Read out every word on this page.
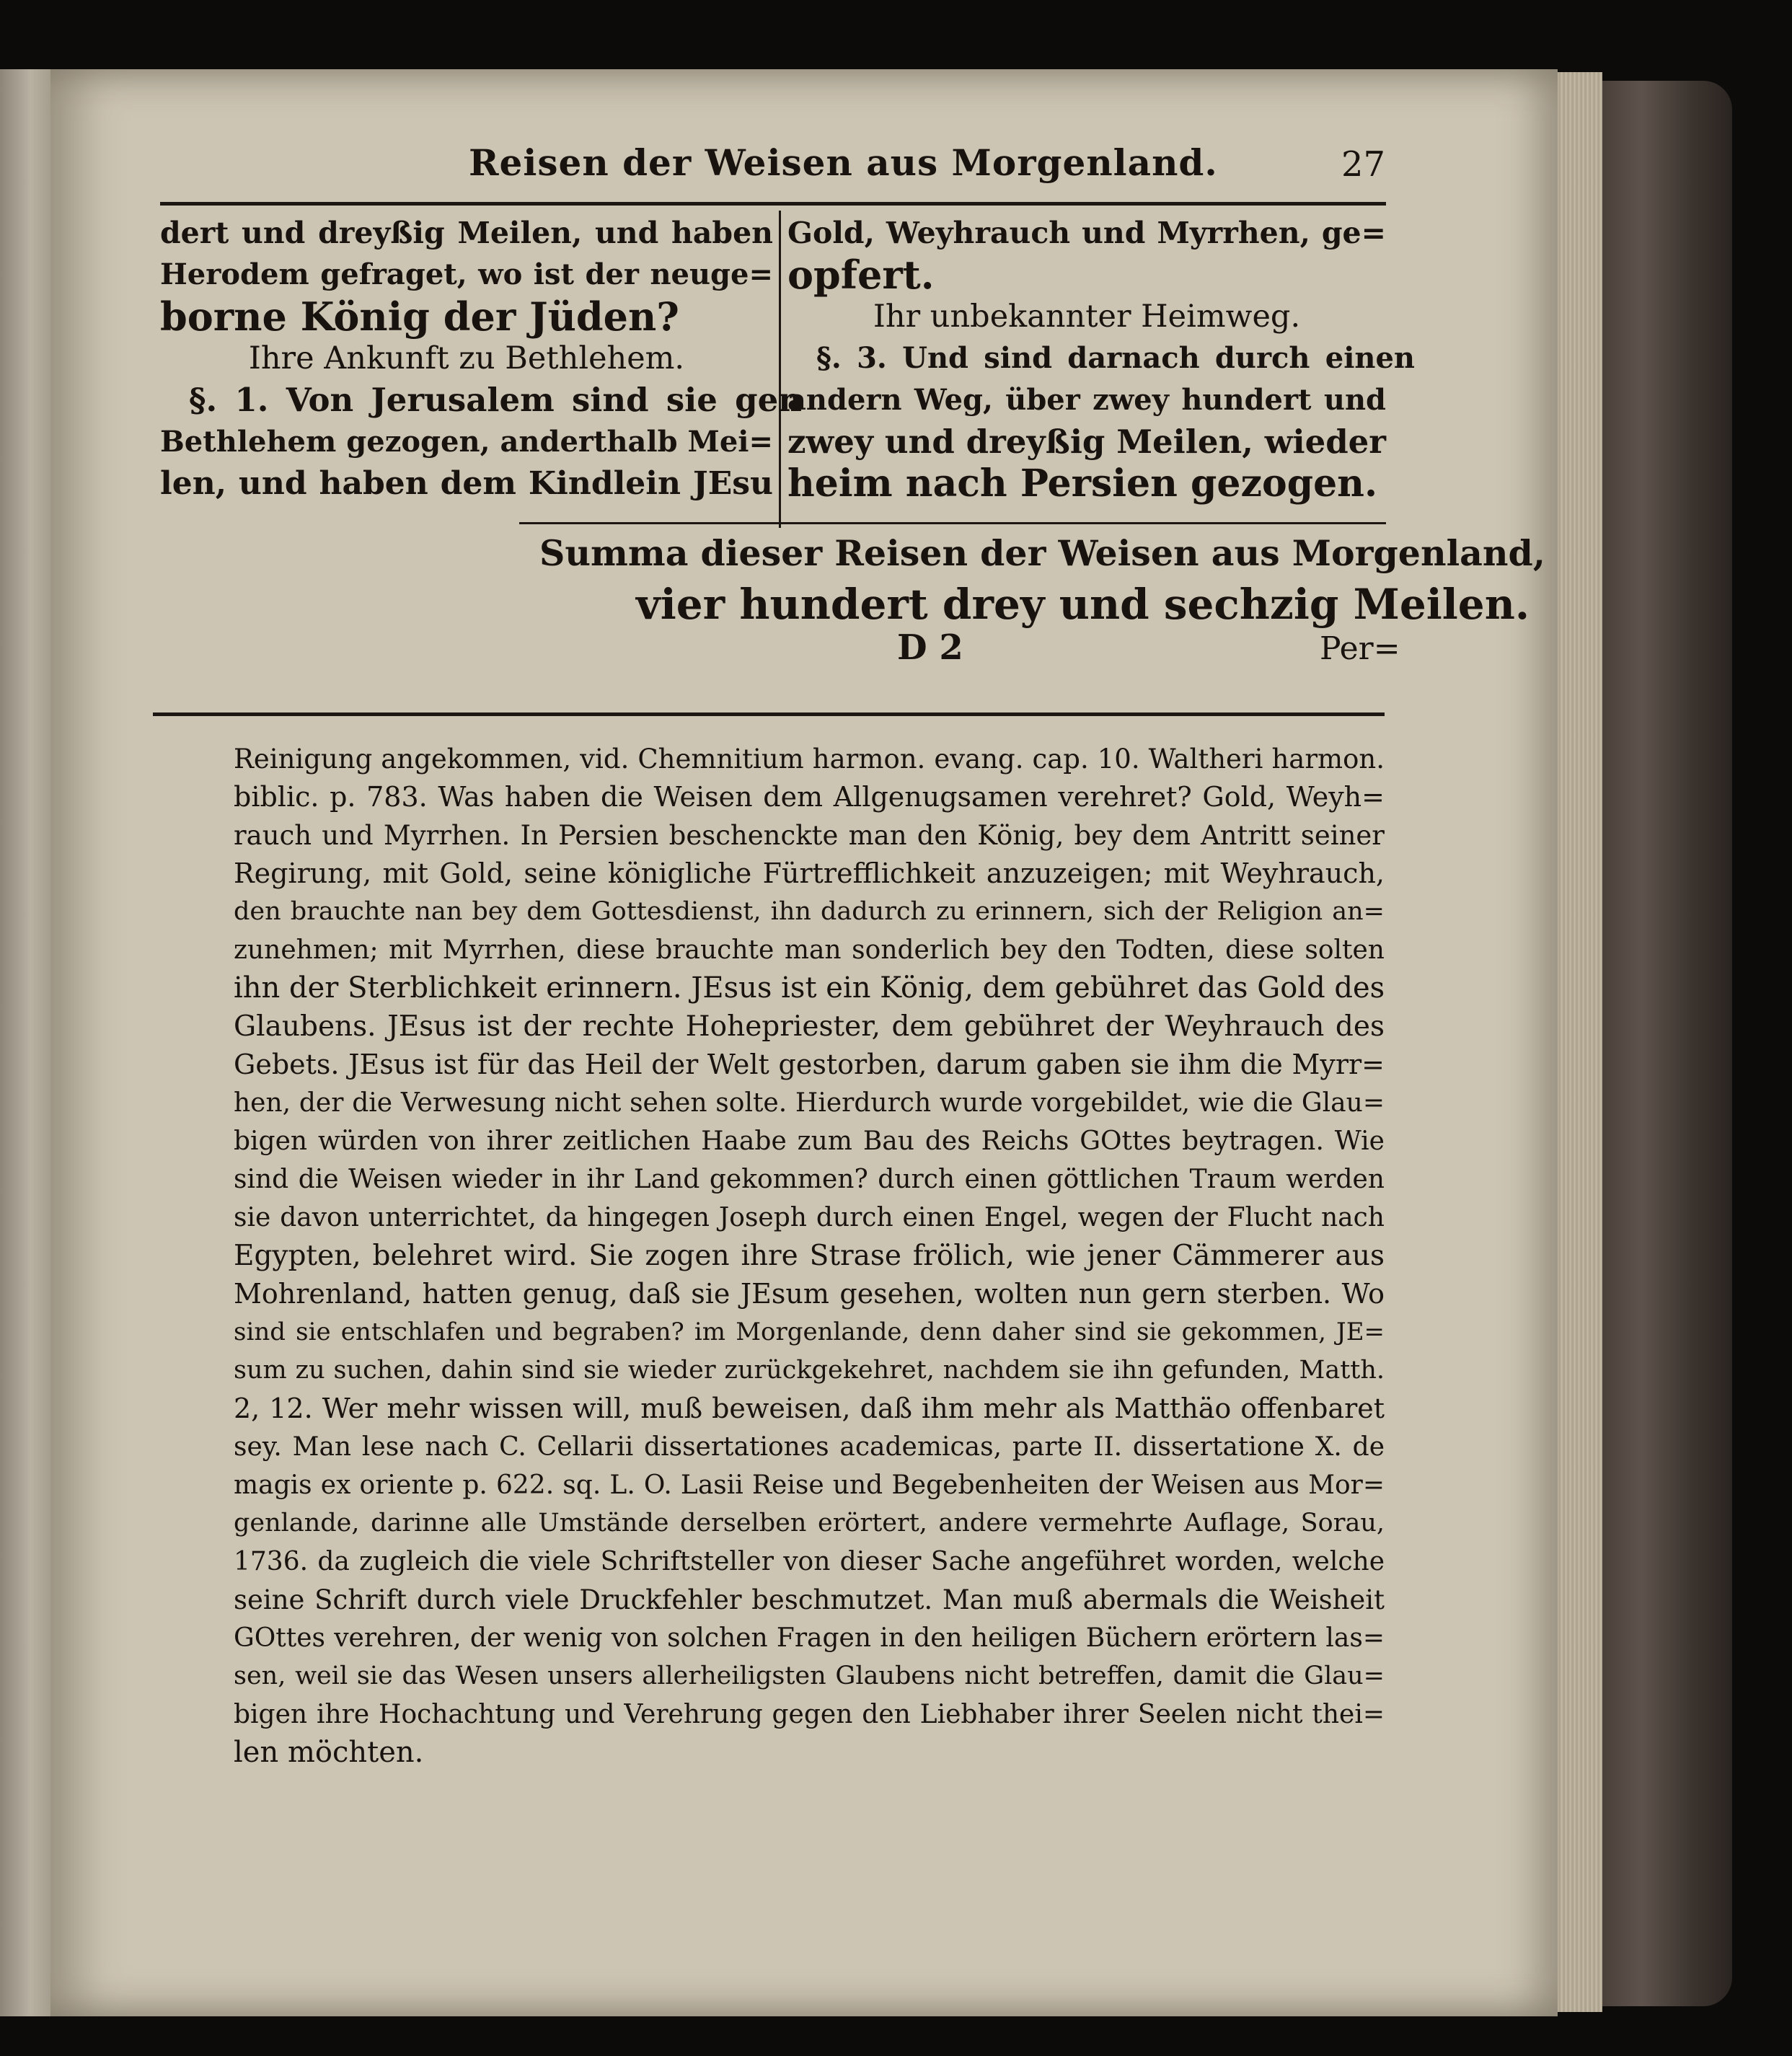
Reisen der Weisen aus Morgenland.	27
dert und dreyßig Meilen, und haben
Herodem gefraget, wo ist der neuge=
borne König der Jüden?
Ihre Ankunft zu Bethlehem.
§. 1. Von Jerusalem sind sie gen
Bethlehem gezogen, anderthalb Mei=
len, und haben dem Kindlein JEsu
Gold, Weyhrauch und Myrrhen, ge=
opfert.
Ihr unbekannter Heimweg.
§. 3. Und sind darnach durch einen
andern Weg, über zwey hundert und
zwey und dreyßig Meilen, wieder
heim nach Persien gezogen.
Summa dieser Reisen der Weisen aus Morgenland,
vier hundert drey und sechzig Meilen.
D 2	Per=
Reinigung angekommen, vid. Chemnitium harmon. evang. cap. 10. Waltheri harmon.
biblic. p. 783. Was haben die Weisen dem Allgenugsamen verehret? Gold, Weyh=
rauch und Myrrhen. In Persien beschenckte man den König, bey dem Antritt seiner
Regirung, mit Gold, seine königliche Fürtrefflichkeit anzuzeigen; mit Weyhrauch,
den brauchte nan bey dem Gottesdienst, ihn dadurch zu erinnern, sich der Religion an=
zunehmen; mit Myrrhen, diese brauchte man sonderlich bey den Todten, diese solten
ihn der Sterblichkeit erinnern. JEsus ist ein König, dem gebühret das Gold des
Glaubens. JEsus ist der rechte Hohepriester, dem gebühret der Weyhrauch des
Gebets. JEsus ist für das Heil der Welt gestorben, darum gaben sie ihm die Myrr=
hen, der die Verwesung nicht sehen solte. Hierdurch wurde vorgebildet, wie die Glau=
bigen würden von ihrer zeitlichen Haabe zum Bau des Reichs GOttes beytragen. Wie
sind die Weisen wieder in ihr Land gekommen? durch einen göttlichen Traum werden
sie davon unterrichtet, da hingegen Joseph durch einen Engel, wegen der Flucht nach
Egypten, belehret wird. Sie zogen ihre Strase frölich, wie jener Cämmerer aus
Mohrenland, hatten genug, daß sie JEsum gesehen, wolten nun gern sterben. Wo
sind sie entschlafen und begraben? im Morgenlande, denn daher sind sie gekommen, JE=
sum zu suchen, dahin sind sie wieder zurückgekehret, nachdem sie ihn gefunden, Matth.
2, 12. Wer mehr wissen will, muß beweisen, daß ihm mehr als Matthäo offenbaret
sey. Man lese nach C. Cellarii dissertationes academicas, parte II. dissertatione X. de
magis ex oriente p. 622. sq. L. O. Lasii Reise und Begebenheiten der Weisen aus Mor=
genlande, darinne alle Umstände derselben erörtert, andere vermehrte Auflage, Sorau,
1736. da zugleich die viele Schriftsteller von dieser Sache angeführet worden, welche
seine Schrift durch viele Druckfehler beschmutzet. Man muß abermals die Weisheit
GOttes verehren, der wenig von solchen Fragen in den heiligen Büchern erörtern las=
sen, weil sie das Wesen unsers allerheiligsten Glaubens nicht betreffen, damit die Glau=
bigen ihre Hochachtung und Verehrung gegen den Liebhaber ihrer Seelen nicht thei=
len möchten.
